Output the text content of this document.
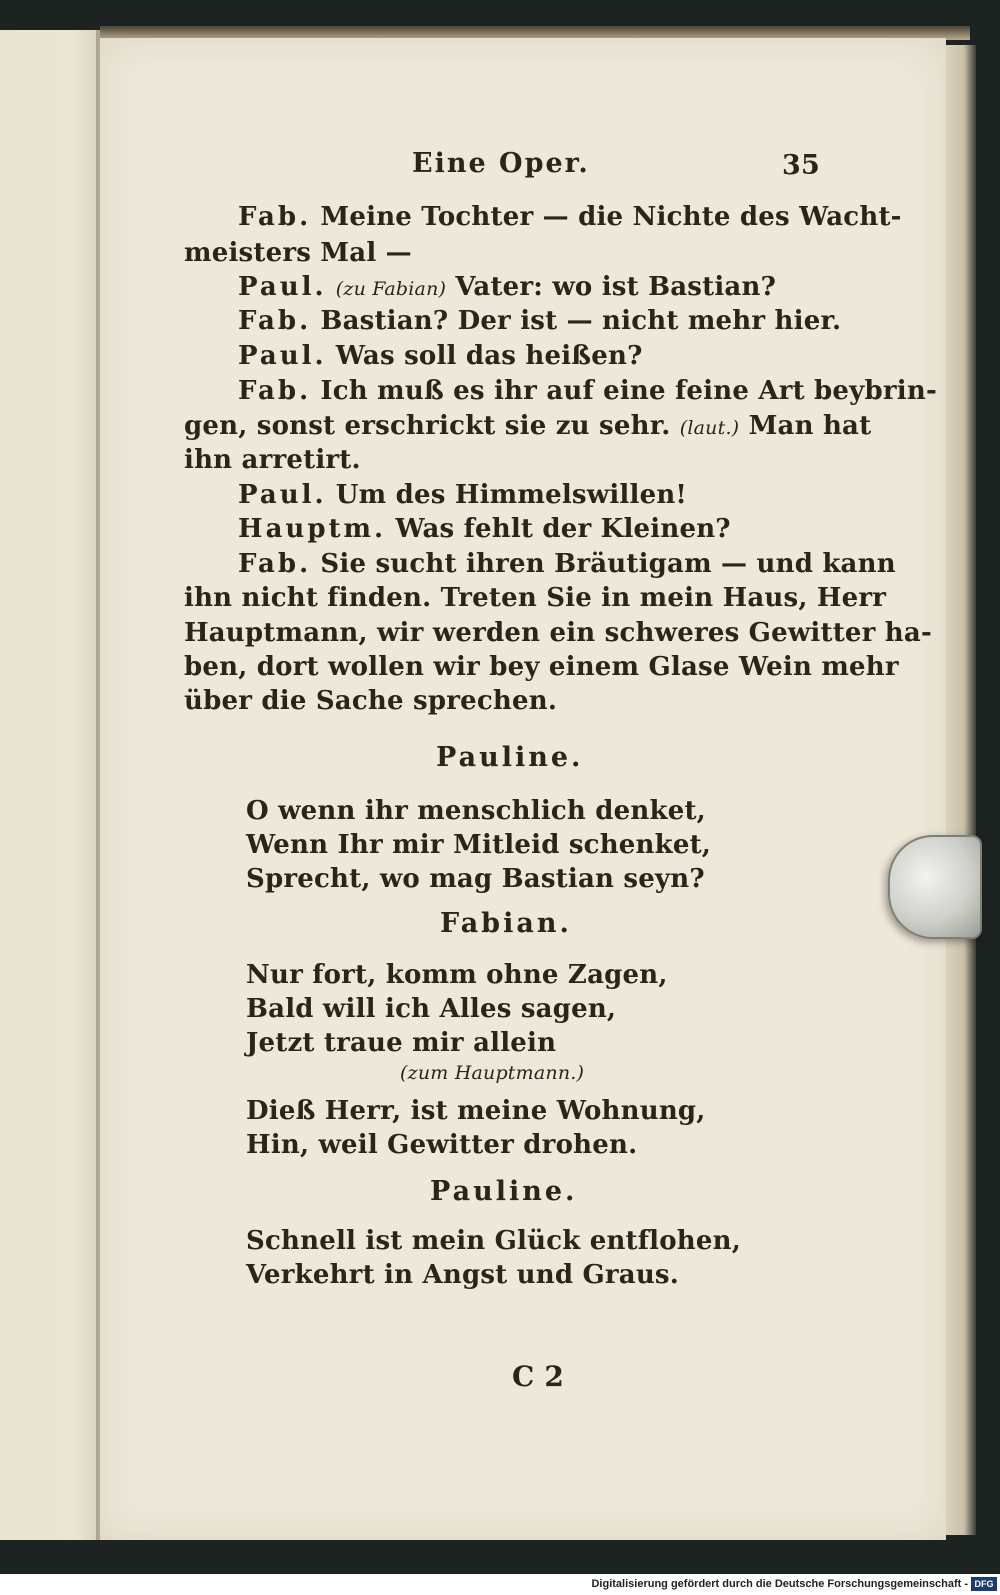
Eine Oper.	35
Fab. Meine Tochter — die Nichte des Wacht-
meisters Mal —
Paul. (zu Fabian) Vater: wo ist Bastian?
Fab. Bastian? Der ist — nicht mehr hier.
Paul. Was soll das heißen?
Fab. Ich muß es ihr auf eine feine Art beybrin-
gen, sonst erschrickt sie zu sehr. (laut.) Man hat
ihn arretirt.
Paul. Um des Himmelswillen!
Hauptm. Was fehlt der Kleinen?
Fab. Sie sucht ihren Bräutigam — und kann
ihn nicht finden. Treten Sie in mein Haus, Herr
Hauptmann, wir werden ein schweres Gewitter ha-
ben, dort wollen wir bey einem Glase Wein mehr
über die Sache sprechen.
Pauline.
O wenn ihr menschlich denket,
Wenn Ihr mir Mitleid schenket,
Sprecht, wo mag Bastian seyn?
Fabian.
Nur fort, komm ohne Zagen,
Bald will ich Alles sagen,
Jetzt traue mir allein
(zum Hauptmann.)
Dieß Herr, ist meine Wohnung,
Hin, weil Gewitter drohen.
Pauline.
Schnell ist mein Glück entflohen,
Verkehrt in Angst und Graus.
C 2
Digitalisierung gefördert durch die Deutsche Forschungsgemeinschaft - DFG
